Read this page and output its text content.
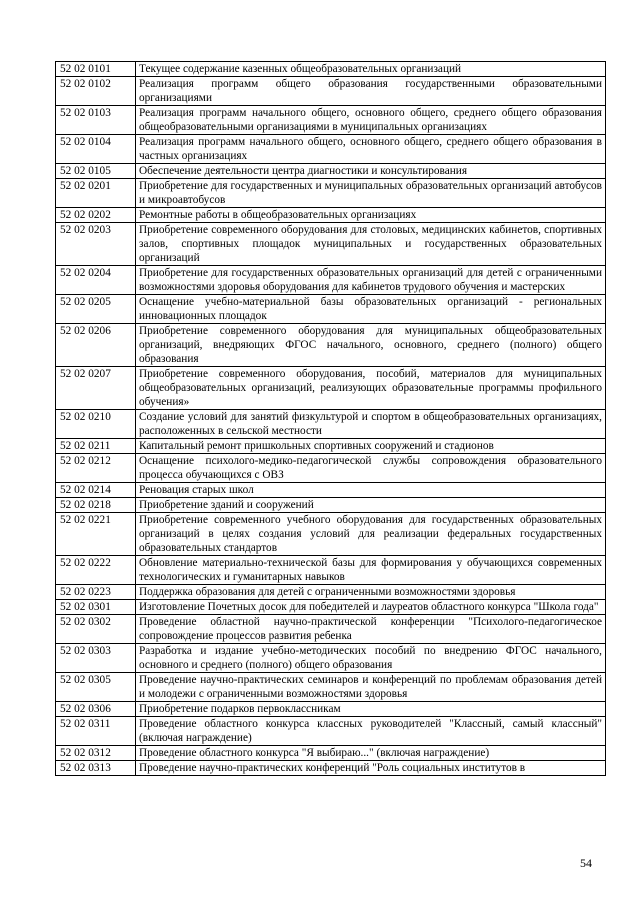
52 02 0101	Текущее содержание казенных общеобразовательных организаций
52 02 0102	Реализация программ общего образования государственными образовательными организациями
52 02 0103	Реализация программ начального общего, основного общего, среднего общего образования общеобразовательными организациями в муниципальных организациях
52 02 0104	Реализация программ начального общего, основного общего, среднего общего образования в частных организациях
52 02 0105	Обеспечение деятельности центра диагностики и консультирования
52 02 0201	Приобретение для государственных и муниципальных образовательных организаций автобусов и микроавтобусов
52 02 0202	Ремонтные работы в общеобразовательных организациях
52 02 0203	Приобретение современного оборудования для столовых, медицинских кабинетов, спортивных залов, спортивных площадок муниципальных и государственных образовательных организаций
52 02 0204	Приобретение для государственных образовательных организаций для детей с ограниченными возможностями здоровья оборудования для кабинетов трудового обучения и мастерских
52 02 0205	Оснащение учебно-материальной базы образовательных организаций - региональных инновационных площадок
52 02 0206	Приобретение современного оборудования для муниципальных общеобразовательных организаций, внедряющих ФГОС начального, основного, среднего (полного) общего образования
52 02 0207	Приобретение современного оборудования, пособий, материалов для муниципальных общеобразовательных организаций, реализующих образовательные программы профильного обучения»
52 02 0210	Создание условий для занятий физкультурой и спортом в общеобразовательных организациях, расположенных в сельской местности
52 02 0211	Капитальный ремонт пришкольных спортивных сооружений и стадионов
52 02 0212	Оснащение психолого-медико-педагогической службы сопровождения образовательного процесса обучающихся с ОВЗ
52 02 0214	Реновация старых школ
52 02 0218	Приобретение зданий и сооружений
52 02 0221	Приобретение современного учебного оборудования для государственных образовательных организаций в целях создания условий для реализации федеральных государственных образовательных стандартов
52 02 0222	Обновление материально-технической базы для формирования у обучающихся современных технологических и гуманитарных навыков
52 02 0223	Поддержка образования для детей с ограниченными возможностями здоровья
52 02 0301	Изготовление Почетных досок для победителей и лауреатов областного конкурса "Школа года"
52 02 0302	Проведение областной научно-практической конференции "Психолого-педагогическое сопровождение процессов развития ребенка
52 02 0303	Разработка и издание учебно-методических пособий по внедрению ФГОС начального, основного и среднего (полного) общего образования
52 02 0305	Проведение научно-практических семинаров и конференций по проблемам образования детей и молодежи с ограниченными возможностями здоровья
52 02 0306	Приобретение подарков первоклассникам
52 02 0311	Проведение областного конкурса классных руководителей "Классный, самый классный" (включая награждение)
52 02 0312	Проведение областного конкурса "Я выбираю..." (включая награждение)
52 02 0313	Проведение научно-практических конференций "Роль социальных институтов в
54
